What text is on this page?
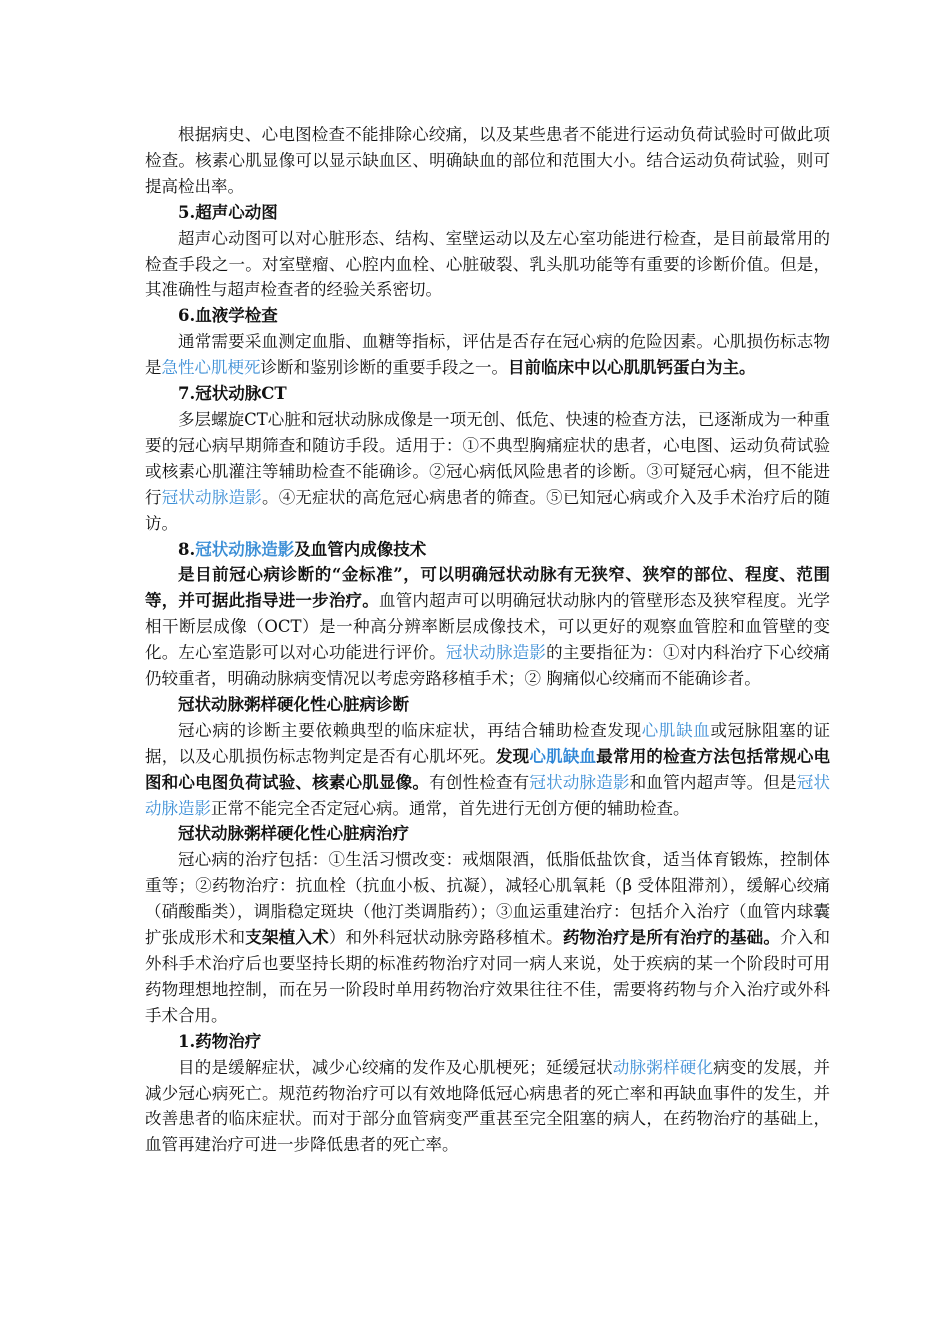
根据病史、心电图检查不能排除心绞痛，以及某些患者不能进行运动负荷试验时可做此项检查。核素心肌显像可以显示缺血区、明确缺血的部位和范围大小。结合运动负荷试验，则可提高检出率。

5.超声心动图

超声心动图可以对心脏形态、结构、室壁运动以及左心室功能进行检查，是目前最常用的检查手段之一。对室壁瘤、心腔内血栓、心脏破裂、乳头肌功能等有重要的诊断价值。但是，其准确性与超声检查者的经验关系密切。

6.血液学检查

通常需要采血测定血脂、血糖等指标，评估是否存在冠心病的危险因素。心肌损伤标志物是急性心肌梗死诊断和鉴别诊断的重要手段之一。目前临床中以心肌肌钙蛋白为主。

7.冠状动脉CT

多层螺旋CT心脏和冠状动脉成像是一项无创、低危、快速的检查方法，已逐渐成为一种重要的冠心病早期筛查和随访手段。适用于：①不典型胸痛症状的患者，心电图、运动负荷试验或核素心肌灌注等辅助检查不能确诊。②冠心病低风险患者的诊断。③可疑冠心病，但不能进行冠状动脉造影。④无症状的高危冠心病患者的筛查。⑤已知冠心病或介入及手术治疗后的随访。

8.冠状动脉造影及血管内成像技术

是目前冠心病诊断的“金标准”，可以明确冠状动脉有无狭窄、狭窄的部位、程度、范围等，并可据此指导进一步治疗。血管内超声可以明确冠状动脉内的管壁形态及狭窄程度。光学相干断层成像（OCT）是一种高分辨率断层成像技术，可以更好的观察血管腔和血管壁的变化。左心室造影可以对心功能进行评价。冠状动脉造影的主要指征为：①对内科治疗下心绞痛仍较重者，明确动脉病变情况以考虑旁路移植手术；② 胸痛似心绞痛而不能确诊者。

冠状动脉粥样硬化性心脏病诊断

冠心病的诊断主要依赖典型的临床症状，再结合辅助检查发现心肌缺血或冠脉阻塞的证据，以及心肌损伤标志物判定是否有心肌坏死。发现心肌缺血最常用的检查方法包括常规心电图和心电图负荷试验、核素心肌显像。有创性检查有冠状动脉造影和血管内超声等。但是冠状动脉造影正常不能完全否定冠心病。通常，首先进行无创方便的辅助检查。

冠状动脉粥样硬化性心脏病治疗

冠心病的治疗包括：①生活习惯改变：戒烟限酒，低脂低盐饮食，适当体育锻炼，控制体重等；②药物治疗：抗血栓（抗血小板、抗凝），减轻心肌氧耗（β 受体阻滞剂），缓解心绞痛（硝酸酯类），调脂稳定斑块（他汀类调脂药）；③血运重建治疗：包括介入治疗（血管内球囊扩张成形术和支架植入术）和外科冠状动脉旁路移植术。药物治疗是所有治疗的基础。介入和外科手术治疗后也要坚持长期的标准药物治疗对同一病人来说，处于疾病的某一个阶段时可用药物理想地控制，而在另一阶段时单用药物治疗效果往往不佳，需要将药物与介入治疗或外科手术合用。

1.药物治疗

目的是缓解症状，减少心绞痛的发作及心肌梗死；延缓冠状动脉粥样硬化病变的发展，并减少冠心病死亡。规范药物治疗可以有效地降低冠心病患者的死亡率和再缺血事件的发生，并改善患者的临床症状。而对于部分血管病变严重甚至完全阻塞的病人，在药物治疗的基础上，血管再建治疗可进一步降低患者的死亡率。
